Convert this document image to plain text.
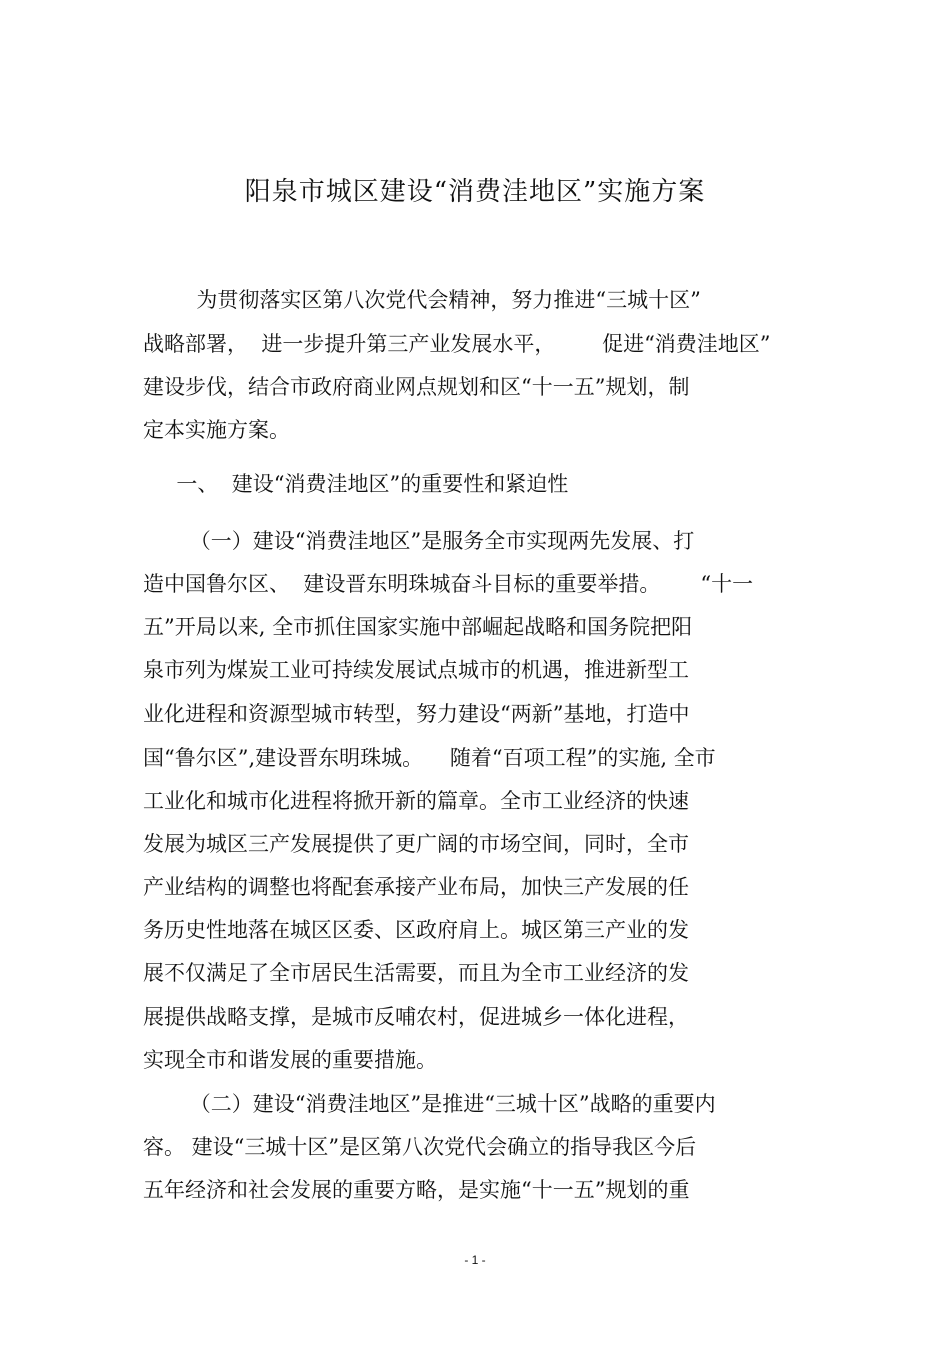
阳泉市城区建设“消费洼地区”实施方案

为贯彻落实区第八次党代会精神，努力推进“三城十区”

战略部署，  进一步提升第三产业发展水平，       促进“消费洼地区”

建设步伐，结合市政府商业网点规划和区“十一五”规划，制

定本实施方案。

一、  建设“消费洼地区”的重要性和紧迫性

（一）建设“消费洼地区”是服务全市实现两先发展、打

造中国鲁尔区、  建设晋东明珠城奋斗目标的重要举措。      “十一

五”开局以来, 全市抓住国家实施中部崛起战略和国务院把阳

泉市列为煤炭工业可持续发展试点城市的机遇，推进新型工

业化进程和资源型城市转型，努力建设“两新”基地，打造中

国“鲁尔区”,建设晋东明珠城。    随着“百项工程”的实施, 全市

工业化和城市化进程将掀开新的篇章。全市工业经济的快速

发展为城区三产发展提供了更广阔的市场空间，同时，全市

产业结构的调整也将配套承接产业布局，加快三产发展的任

务历史性地落在城区区委、区政府肩上。城区第三产业的发

展不仅满足了全市居民生活需要，而且为全市工业经济的发

展提供战略支撑，是城市反哺农村，促进城乡一体化进程，

实现全市和谐发展的重要措施。

（二）建设“消费洼地区”是推进“三城十区”战略的重要内

容。 建设“三城十区”是区第八次党代会确立的指导我区今后

五年经济和社会发展的重要方略，是实施“十一五”规划的重

- 1 -
